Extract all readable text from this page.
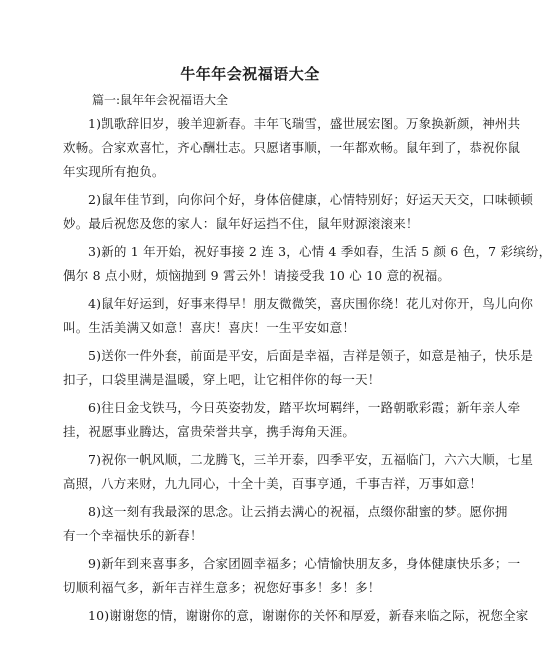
牛年年会祝福语大全
篇一:鼠年年会祝福语大全
1)凯歌辞旧岁，骏羊迎新春。丰年飞瑞雪，盛世展宏图。万象换新颜，神州共
欢畅。合家欢喜忙，齐心酬壮志。只愿诸事顺，一年都欢畅。鼠年到了，恭祝你鼠
年实现所有抱负。
2)鼠年佳节到，向你问个好，身体倍健康，心情特别好；好运天天交，口味顿顿
妙。最后祝您及您的家人：鼠年好运挡不住，鼠年财源滚滚来！
3)新的 1 年开始，祝好事接 2 连 3，心情 4 季如春，生活 5 颜 6 色，7 彩缤纷，
偶尔 8 点小财，烦恼抛到 9 霄云外！请接受我 10 心 10 意的祝福。
4)鼠年好运到，好事来得早！朋友微微笑，喜庆围你绕！花儿对你开，鸟儿向你
叫。生活美满又如意！喜庆！喜庆！一生平安如意！
5)送你一件外套，前面是平安，后面是幸福，吉祥是领子，如意是袖子，快乐是
扣子，口袋里满是温暖，穿上吧，让它相伴你的每一天！
6)往日金戈铁马，今日英姿勃发，踏平坎坷羁绊，一路朝歌彩霞；新年亲人牵
挂，祝愿事业腾达，富贵荣誉共享，携手海角天涯。
7)祝你一帆风顺，二龙腾飞，三羊开泰，四季平安，五福临门，六六大顺，七星
高照，八方来财，九九同心，十全十美，百事亨通，千事吉祥，万事如意！
8)这一刻有我最深的思念。让云捎去满心的祝福，点缀你甜蜜的梦。愿你拥
有一个幸福快乐的新春！
9)新年到来喜事多，合家团圆幸福多；心情愉快朋友多，身体健康快乐多；一
切顺利福气多，新年吉祥生意多；祝您好事多！多！多！
10)谢谢您的情，谢谢你的意，谢谢你的关怀和厚爱，新春来临之际，祝您全家
